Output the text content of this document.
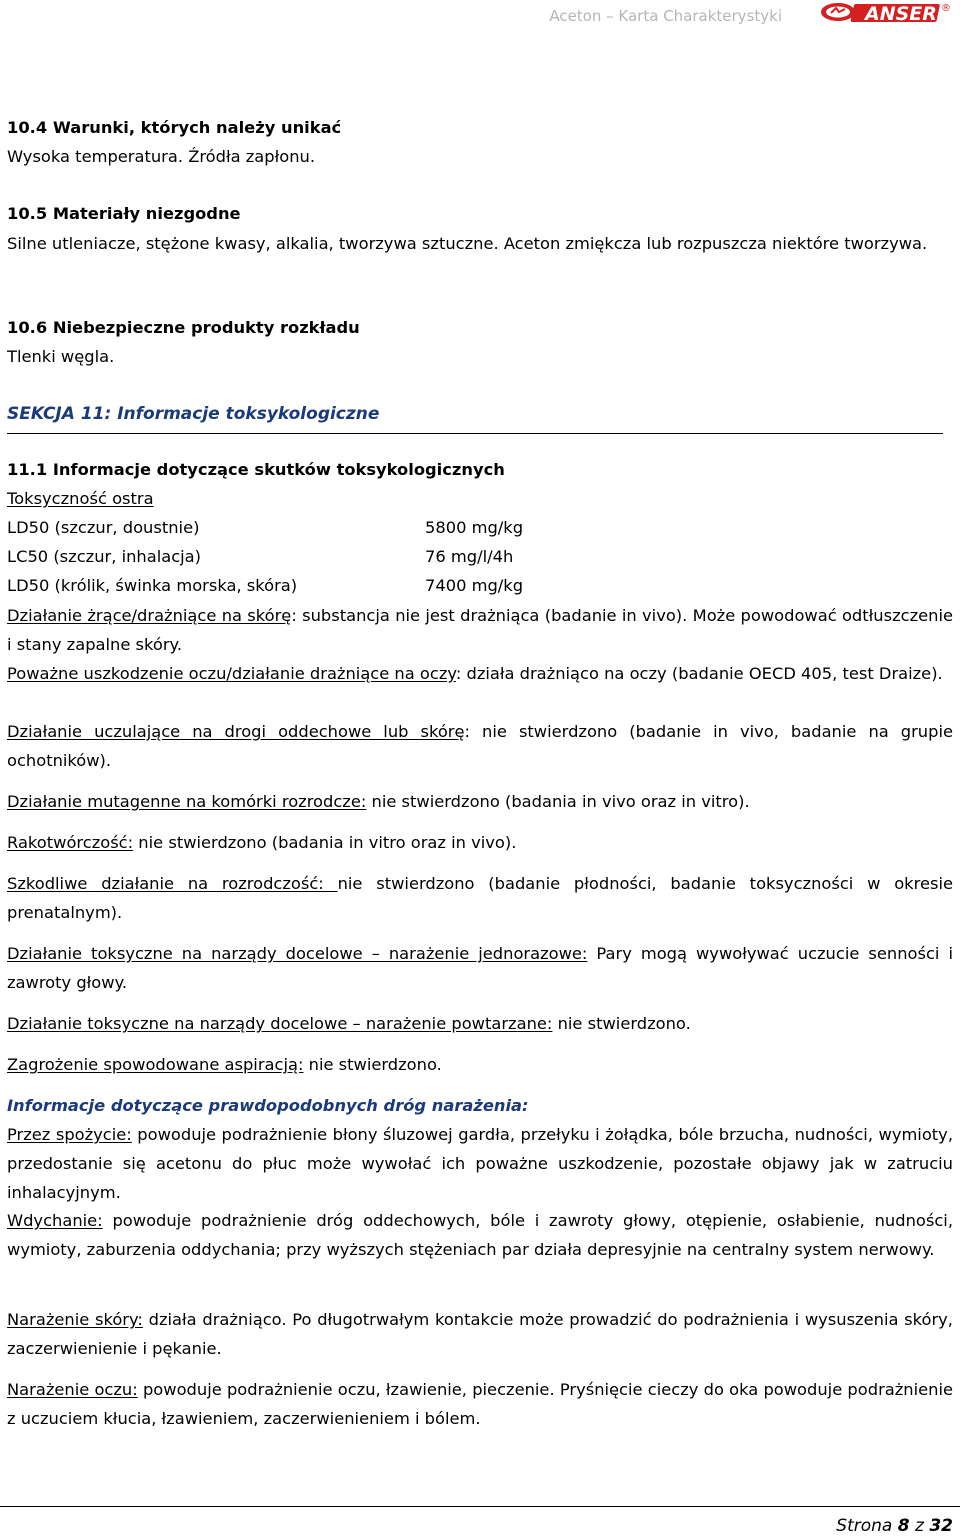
Aceton – Karta Charakterystyki	ANSER ®
10.4 Warunki, których należy unikać
Wysoka temperatura. Źródła zapłonu.
10.5 Materiały niezgodne
Silne utleniacze, stężone kwasy, alkalia, tworzywa sztuczne. Aceton zmiękcza lub rozpuszcza niektóre tworzywa.
10.6 Niebezpieczne produkty rozkładu
Tlenki węgla.
SEKCJA 11: Informacje toksykologiczne
11.1 Informacje dotyczące skutków toksykologicznych
Toksyczność ostra
LD50 (szczur, doustnie)	5800 mg/kg
LC50 (szczur, inhalacja)	76 mg/l/4h
LD50 (królik, świnka morska, skóra)	7400 mg/kg
Działanie żrące/drażniące na skórę: substancja nie jest drażniąca (badanie in vivo). Może powodować odtłuszczenie i stany zapalne skóry.
Poważne uszkodzenie oczu/działanie drażniące na oczy: działa drażniąco na oczy (badanie OECD 405, test Draize).
Działanie uczulające na drogi oddechowe lub skórę: nie stwierdzono (badanie in vivo, badanie na grupie ochotników).
Działanie mutagenne na komórki rozrodcze: nie stwierdzono (badania in vivo oraz in vitro).
Rakotwórczość: nie stwierdzono (badania in vitro oraz in vivo).
Szkodliwe działanie na rozrodczość: nie stwierdzono (badanie płodności, badanie toksyczności w okresie prenatalnym).
Działanie toksyczne na narządy docelowe – narażenie jednorazowe: Pary mogą wywoływać uczucie senności i zawroty głowy.
Działanie toksyczne na narządy docelowe – narażenie powtarzane: nie stwierdzono.
Zagrożenie spowodowane aspiracją: nie stwierdzono.
Informacje dotyczące prawdopodobnych dróg narażenia:
Przez spożycie: powoduje podrażnienie błony śluzowej gardła, przełyku i żołądka, bóle brzucha, nudności, wymioty, przedostanie się acetonu do płuc może wywołać ich poważne uszkodzenie, pozostałe objawy jak w zatruciu inhalacyjnym.
Wdychanie: powoduje podrażnienie dróg oddechowych, bóle i zawroty głowy, otępienie, osłabienie, nudności, wymioty, zaburzenia oddychania; przy wyższych stężeniach par działa depresyjnie na centralny system nerwowy.
Narażenie skóry: działa drażniąco. Po długotrwałym kontakcie może prowadzić do podrażnienia i wysuszenia skóry, zaczerwienienie i pękanie.
Narażenie oczu: powoduje podrażnienie oczu, łzawienie, pieczenie. Pryśnięcie cieczy do oka powoduje podrażnienie z uczuciem kłucia, łzawieniem, zaczerwienieniem i bólem.
Strona 8 z 32
